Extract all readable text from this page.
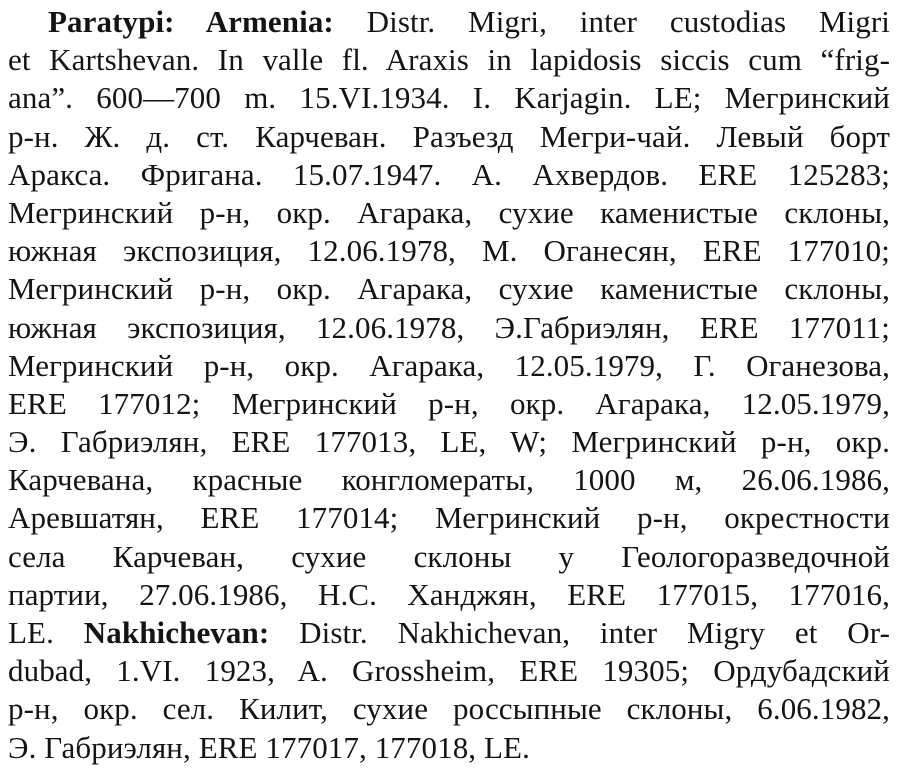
Paratypi: Armenia: Distr. Migri, inter custodias Migri
et Kartshevan. In valle fl. Araxis in lapidosis siccis cum “frig-
ana”. 600—700 m. 15.VI.1934. I. Karjagin. LE; Мегринский
р-н. Ж. д. ст. Карчеван. Разъезд Мегри-чай. Левый борт
Аракса. Фригана. 15.07.1947. А. Ахвердов. ERE 125283;
Мегринский р-н, окр. Агарака, сухие каменистые склоны,
южная экспозиция, 12.06.1978, М. Оганесян, ERE 177010;
Мегринский р-н, окр. Агарака, сухие каменистые склоны,
южная экспозиция, 12.06.1978, Э.Габриэлян, ERE 177011;
Мегринский р-н, окр. Агарака, 12.05.1979, Г. Оганезова,
ERE 177012; Мегринский р-н, окр. Агарака, 12.05.1979,
Э. Габриэлян, ERE 177013, LE, W; Мегринский р-н, окр.
Карчевана, красные конгломераты, 1000 м, 26.06.1986,
Аревшатян, ERE 177014; Мегринский р-н, окрестности
села Карчеван, сухие склоны у Геологоразведочной
партии, 27.06.1986, Н.С. Ханджян, ERE 177015, 177016,
LE. Nakhichevan: Distr. Nakhichevan, inter Migry et Or-
dubad, 1.VI. 1923, A. Grossheim, ERE 19305; Ордубадский
р-н, окр. сел. Килит, сухие россыпные склоны, 6.06.1982,
Э. Габриэлян, ERE 177017, 177018, LE.
